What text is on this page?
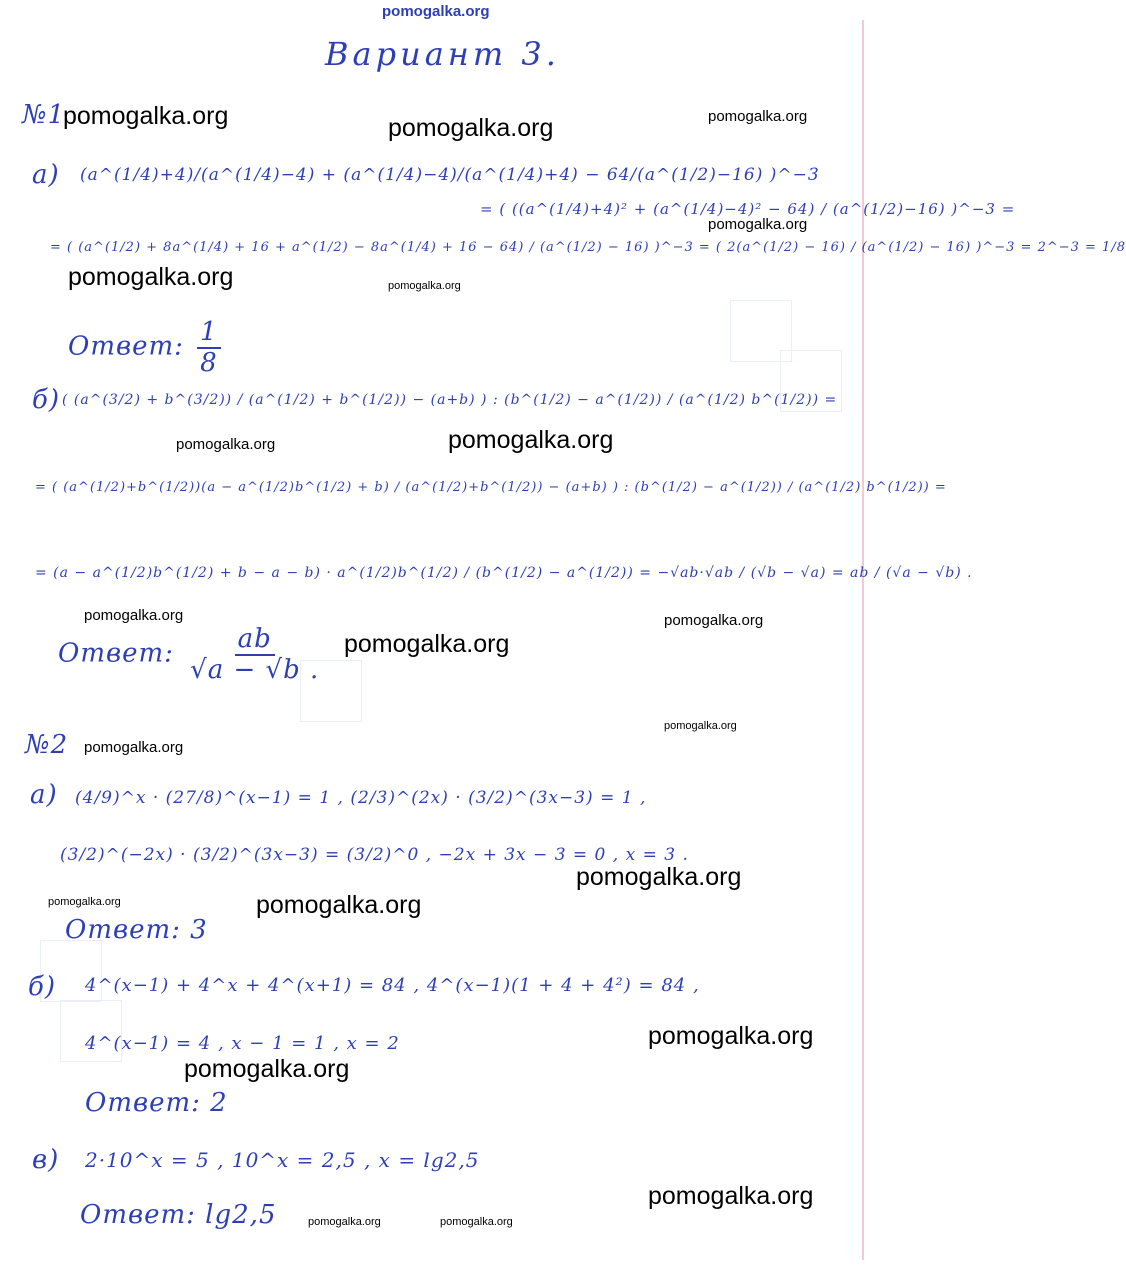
pomogalka.org
Вариант 3.
№1
а) (a^(1/4)+4)/(a^(1/4)−4) + (a^(1/4)−4)/(a^(1/4)+4) − 64/(a^(1/2)−16) )^−3
= ( ((a^(1/4)+4)² + (a^(1/4)−4)² − 64) / (a^(1/2)−16) )^−3 =
= ( (a^(1/2) + 8a^(1/4) + 16 + a^(1/2) − 8a^(1/4) + 16 − 64) / (a^(1/2) − 16) )^−3 = ( 2(a^(1/2) − 16) / (a^(1/2) − 16) )^−3 = 2^−3 = 1/8
Ответ: $\frac{1}{8}$
б) ( (a^(3/2) + b^(3/2)) / (a^(1/2) + b^(1/2)) − (a+b) ) : (b^(1/2) − a^(1/2)) / (a^(1/2) b^(1/2)) =
= ( (a^(1/2)+b^(1/2))(a − a^(1/2)b^(1/2) + b) / (a^(1/2)+b^(1/2)) − (a+b) ) : (b^(1/2) − a^(1/2)) / (a^(1/2) b^(1/2)) =
= (a − a^(1/2)b^(1/2) + b − a − b) · a^(1/2)b^(1/2) / (b^(1/2) − a^(1/2)) = −√ab·√ab / (√b − √a) = ab / (√a − √b) .
Ответ: $\frac{ab}{√a - √b .}$
№2
а) (4/9)^x · (27/8)^(x−1) = 1 , (2/3)^(2x) · (3/2)^(3x−3) = 1 ,
(3/2)^(−2x) · (3/2)^(3x−3) = (3/2)^0 , −2x + 3x − 3 = 0 , x = 3 .
Ответ: 3
б) 4^(x−1) + 4^x + 4^(x+1) = 84 , 4^(x−1)(1 + 4 + 4²) = 84 ,
4^(x−1) = 4 , x − 1 = 1 , x = 2
Ответ: 2
в) 2·10^x = 5 , 10^x = 2,5 , x = lg2,5
Ответ: lg2,5
pomogalka.org	pomogalka.org	pomogalka.org
pomogalka.org
pomogalka.org	pomogalka.org
pomogalka.org	pomogalka.org
pomogalka.org	pomogalka.org
pomogalka.org
pomogalka.org
pomogalka.org
pomogalka.org
pomogalka.org	pomogalka.org
pomogalka.org
pomogalka.org
pomogalka.org
pomogalka.org	pomogalka.org
